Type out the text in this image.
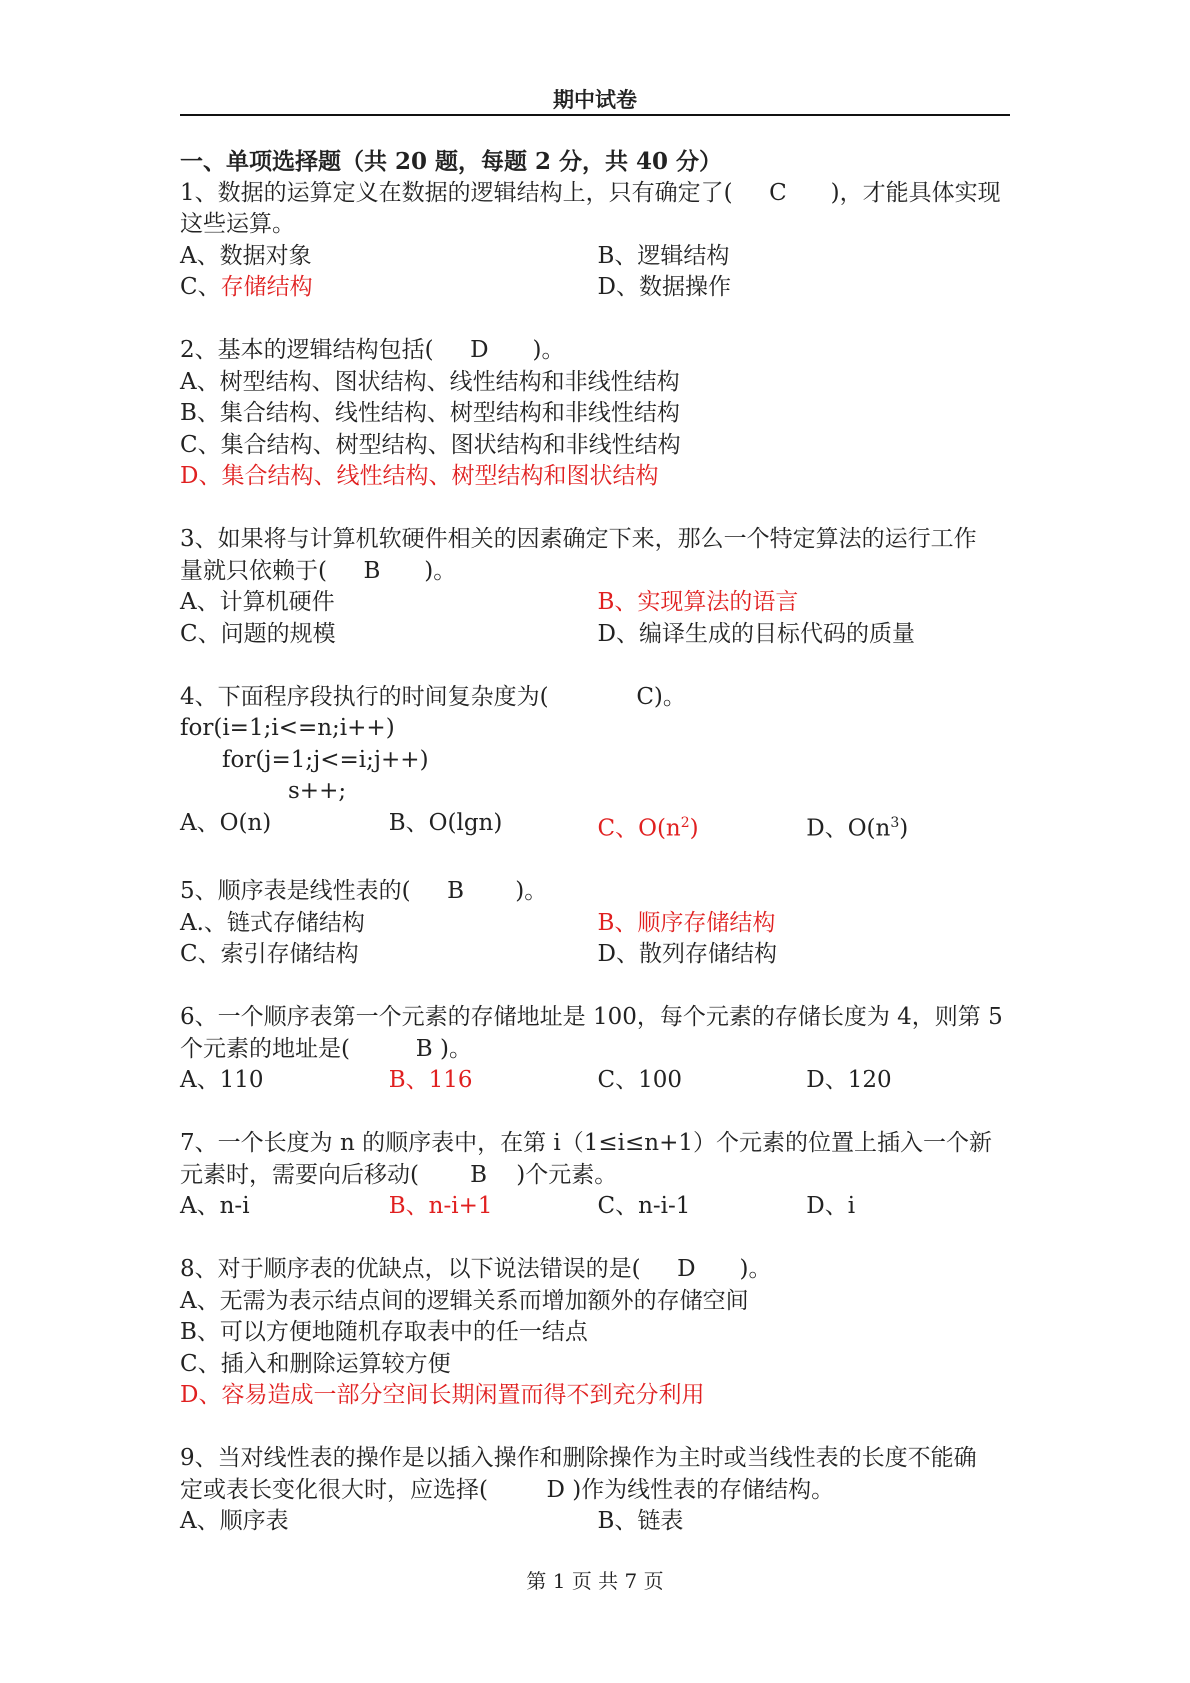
期中试卷
一、单项选择题（共 20 题，每题 2 分，共 40 分）
1、数据的运算定义在数据的逻辑结构上，只有确定了(     C      )，才能具体实现
这些运算。
A、数据对象	B、逻辑结构
C、存储结构	D、数据操作
2、基本的逻辑结构包括(     D      )。
A、树型结构、图状结构、线性结构和非线性结构
B、集合结构、线性结构、树型结构和非线性结构
C、集合结构、树型结构、图状结构和非线性结构
D、集合结构、线性结构、树型结构和图状结构
3、如果将与计算机软硬件相关的因素确定下来，那么一个特定算法的运行工作
量就只依赖于(     B      )。
A、计算机硬件	B、实现算法的语言
C、问题的规模	D、编译生成的目标代码的质量
4、下面程序段执行的时间复杂度为(            C)。
for(i=1;i<=n;i++)
for(j=1;j<=i;j++)
s++;
A、O(n)	B、O(lgn)	C、$O(n^2)$	D、$O(n^3)$
5、顺序表是线性表的(     B       )。
A.、链式存储结构	B、顺序存储结构
C、索引存储结构	D、散列存储结构
6、一个顺序表第一个元素的存储地址是 100，每个元素的存储长度为 4，则第 5
个元素的地址是(         B )。
A、110	B、116	C、100	D、120
7、一个长度为 n 的顺序表中，在第 i（1≤i≤n+1）个元素的位置上插入一个新
元素时，需要向后移动(       B    )个元素。
A、n-i	B、n-i+1	C、n-i-1	D、i
8、对于顺序表的优缺点，以下说法错误的是(     D      )。
A、无需为表示结点间的逻辑关系而增加额外的存储空间
B、可以方便地随机存取表中的任一结点
C、插入和删除运算较方便
D、容易造成一部分空间长期闲置而得不到充分利用
9、当对线性表的操作是以插入操作和删除操作为主时或当线性表的长度不能确
定或表长变化很大时，应选择(        D )作为线性表的存储结构。
A、顺序表	B、链表
第 1 页 共 7 页
